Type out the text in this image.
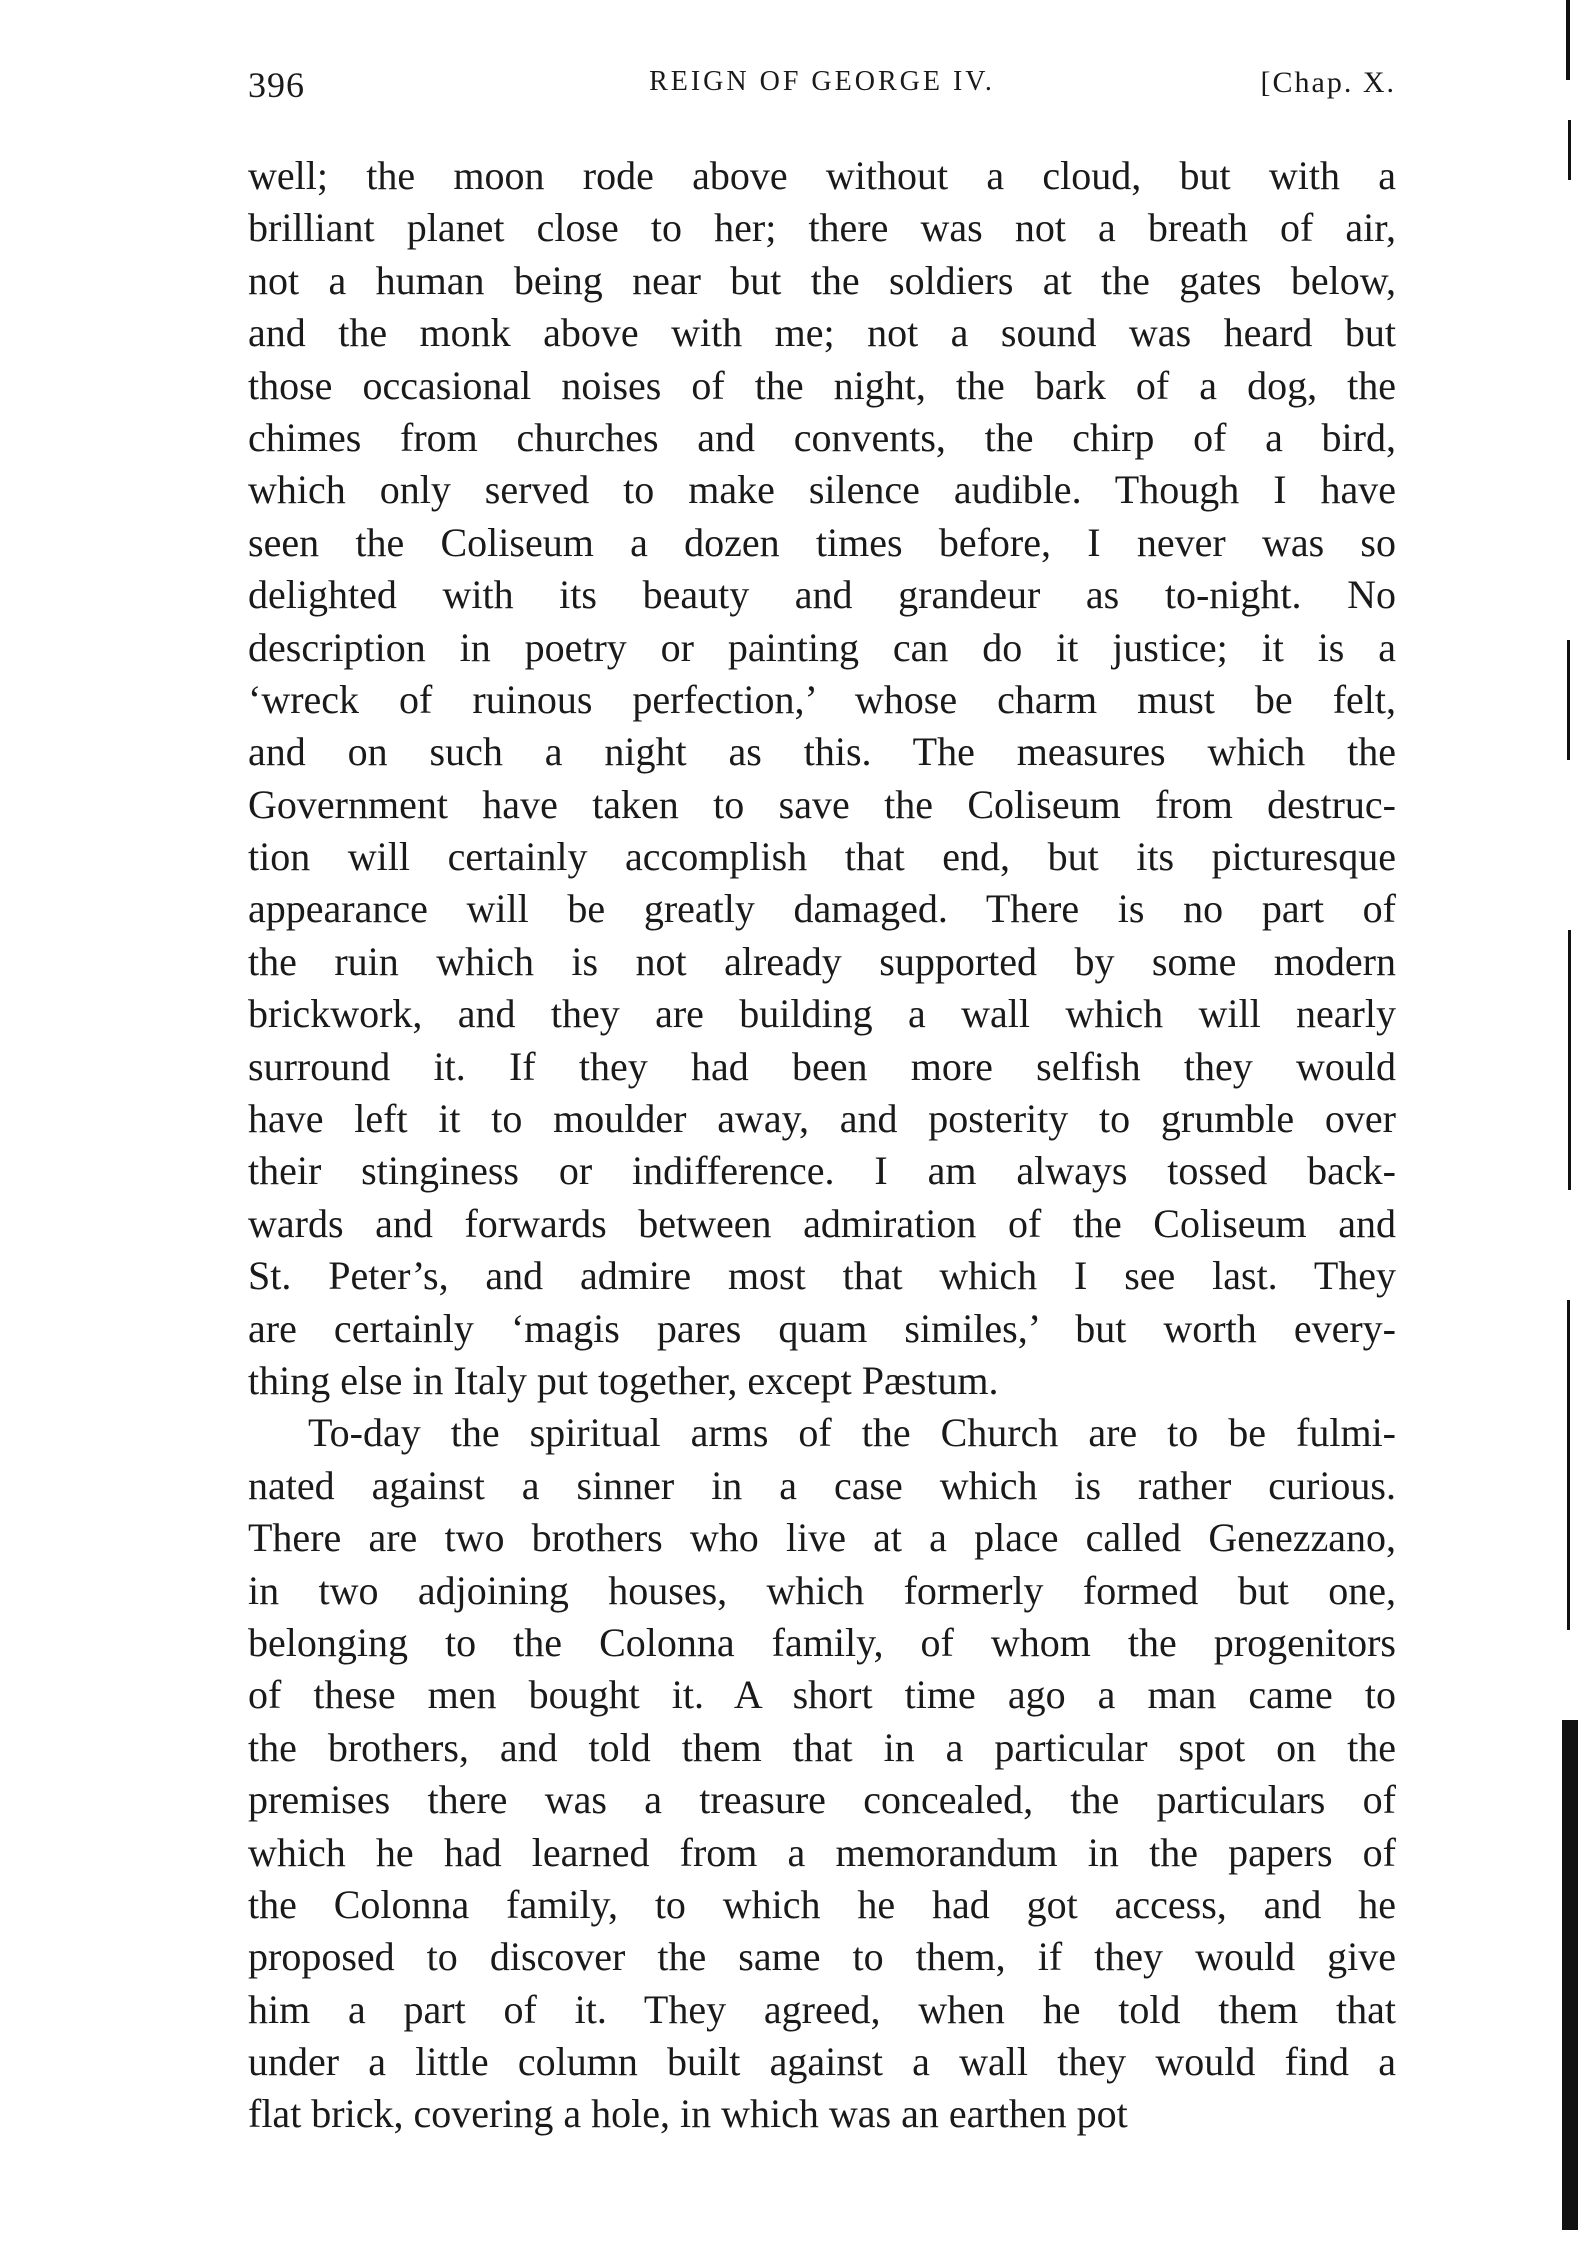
396	REIGN OF GEORGE IV.	[Chap. X.
well; the moon rode above without a cloud, but with a
brilliant planet close to her; there was not a breath of air,
not a human being near but the soldiers at the gates below,
and the monk above with me; not a sound was heard but
those occasional noises of the night, the bark of a dog, the
chimes from churches and convents, the chirp of a bird,
which only served to make silence audible. Though I have
seen the Coliseum a dozen times before, I never was so
delighted with its beauty and grandeur as to-night. No
description in poetry or painting can do it justice; it is a
‘wreck of ruinous perfection,’ whose charm must be felt,
and on such a night as this. The measures which the
Government have taken to save the Coliseum from destruc-
tion will certainly accomplish that end, but its picturesque
appearance will be greatly damaged. There is no part of
the ruin which is not already supported by some modern
brickwork, and they are building a wall which will nearly
surround it. If they had been more selfish they would
have left it to moulder away, and posterity to grumble over
their stinginess or indifference. I am always tossed back-
wards and forwards between admiration of the Coliseum and
St. Peter’s, and admire most that which I see last. They
are certainly ‘magis pares quam similes,’ but worth every-
thing else in Italy put together, except Pæstum.
To-day the spiritual arms of the Church are to be fulmi-
nated against a sinner in a case which is rather curious.
There are two brothers who live at a place called Genezzano,
in two adjoining houses, which formerly formed but one,
belonging to the Colonna family, of whom the progenitors
of these men bought it. A short time ago a man came to
the brothers, and told them that in a particular spot on the
premises there was a treasure concealed, the particulars of
which he had learned from a memorandum in the papers of
the Colonna family, to which he had got access, and he
proposed to discover the same to them, if they would give
him a part of it. They agreed, when he told them that
under a little column built against a wall they would find a
flat brick, covering a hole, in which was an earthen pot
